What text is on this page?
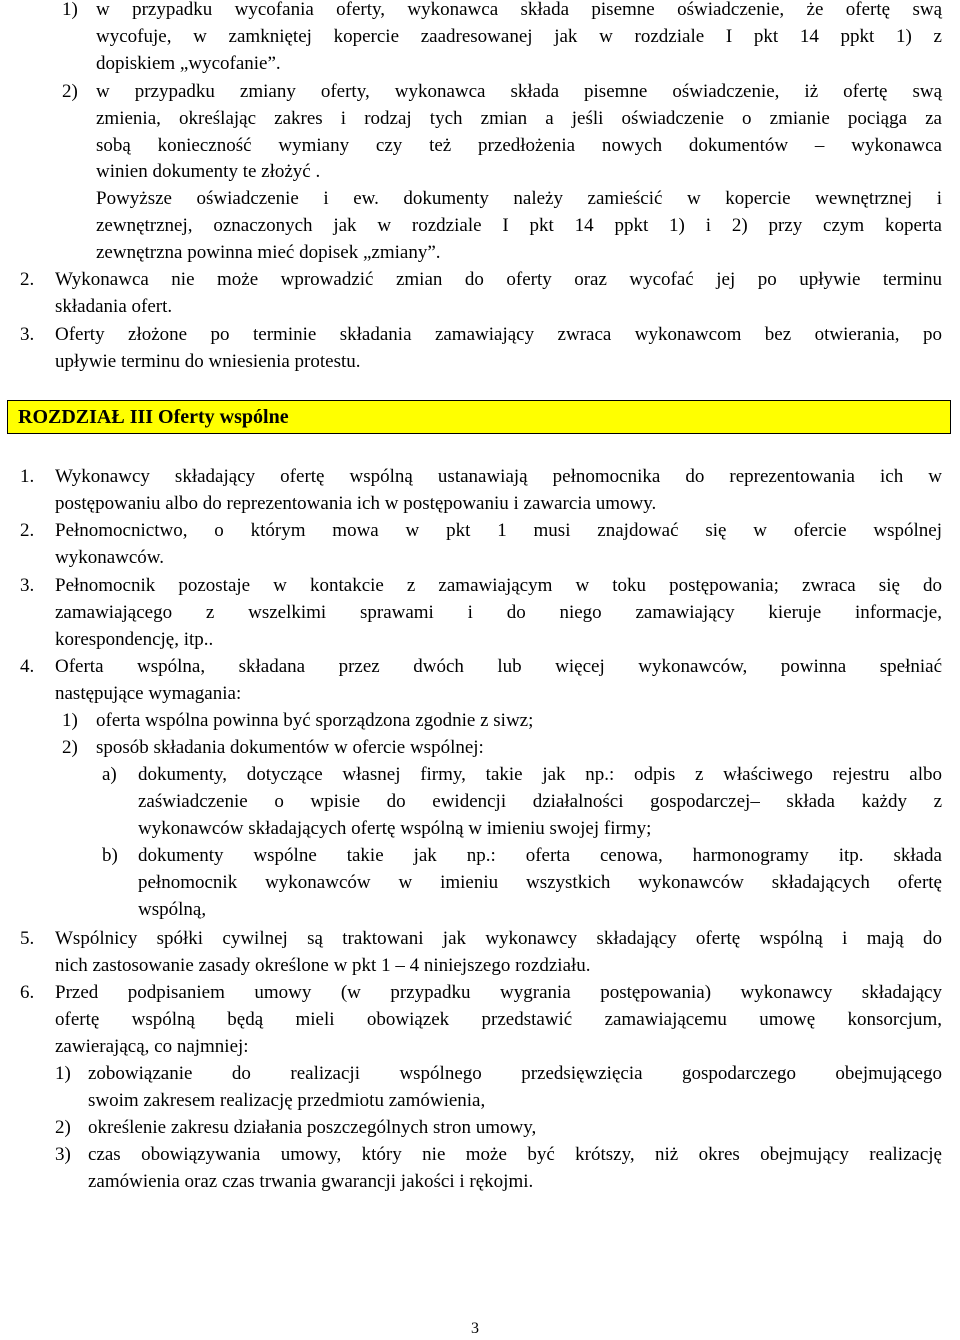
1) w przypadku wycofania oferty, wykonawca składa pisemne oświadczenie, że ofertę swą
wycofuje, w zamkniętej kopercie zaadresowanej jak w rozdziale I pkt 14 ppkt 1) z
dopiskiem „wycofanie”.
2) w przypadku zmiany oferty, wykonawca składa pisemne oświadczenie, iż ofertę swą
zmienia, określając zakres i rodzaj tych zmian a jeśli oświadczenie o zmianie pociąga za
sobą konieczność wymiany czy też przedłożenia nowych dokumentów – wykonawca
winien dokumenty te złożyć .
Powyższe oświadczenie i ew. dokumenty należy zamieścić w kopercie wewnętrznej i
zewnętrznej, oznaczonych jak w rozdziale I pkt 14 ppkt 1) i 2) przy czym koperta
zewnętrzna powinna mieć dopisek „zmiany”.
2. Wykonawca nie może wprowadzić zmian do oferty oraz wycofać jej po upływie terminu
składania ofert.
3. Oferty złożone po terminie składania zamawiający zwraca wykonawcom bez otwierania, po
upływie terminu do wniesienia protestu.
ROZDZIAŁ III Oferty wspólne
1. Wykonawcy składający ofertę wspólną ustanawiają pełnomocnika do reprezentowania ich w
postępowaniu albo do reprezentowania ich w postępowaniu i zawarcia umowy.
2. Pełnomocnictwo, o którym mowa w pkt 1 musi znajdować się w ofercie wspólnej
wykonawców.
3. Pełnomocnik pozostaje w kontakcie z zamawiającym w toku postępowania; zwraca się do
zamawiającego z wszelkimi sprawami i do niego zamawiający kieruje informacje,
korespondencję, itp..
4. Oferta wspólna, składana przez dwóch lub więcej wykonawców, powinna spełniać
następujące wymagania:
1) oferta wspólna powinna być sporządzona zgodnie z siwz;
2) sposób składania dokumentów w ofercie wspólnej:
a) dokumenty, dotyczące własnej firmy, takie jak np.: odpis z właściwego rejestru albo
zaświadczenie o wpisie do ewidencji działalności gospodarczej– składa każdy z
wykonawców składających ofertę wspólną w imieniu swojej firmy;
b) dokumenty wspólne takie jak np.: oferta cenowa, harmonogramy itp. składa
pełnomocnik wykonawców w imieniu wszystkich wykonawców składających ofertę
wspólną,
5. Wspólnicy spółki cywilnej są traktowani jak wykonawcy składający ofertę wspólną i mają do
nich zastosowanie zasady określone w pkt 1 – 4 niniejszego rozdziału.
6. Przed podpisaniem umowy (w przypadku wygrania postępowania) wykonawcy składający
ofertę wspólną będą mieli obowiązek przedstawić zamawiającemu umowę konsorcjum,
zawierającą, co najmniej:
1) zobowiązanie do realizacji wspólnego przedsięwzięcia gospodarczego obejmującego
swoim zakresem realizację przedmiotu zamówienia,
2) określenie zakresu działania poszczególnych stron umowy,
3) czas obowiązywania umowy, który nie może być krótszy, niż okres obejmujący realizację
zamówienia oraz czas trwania gwarancji jakości i rękojmi.
3
